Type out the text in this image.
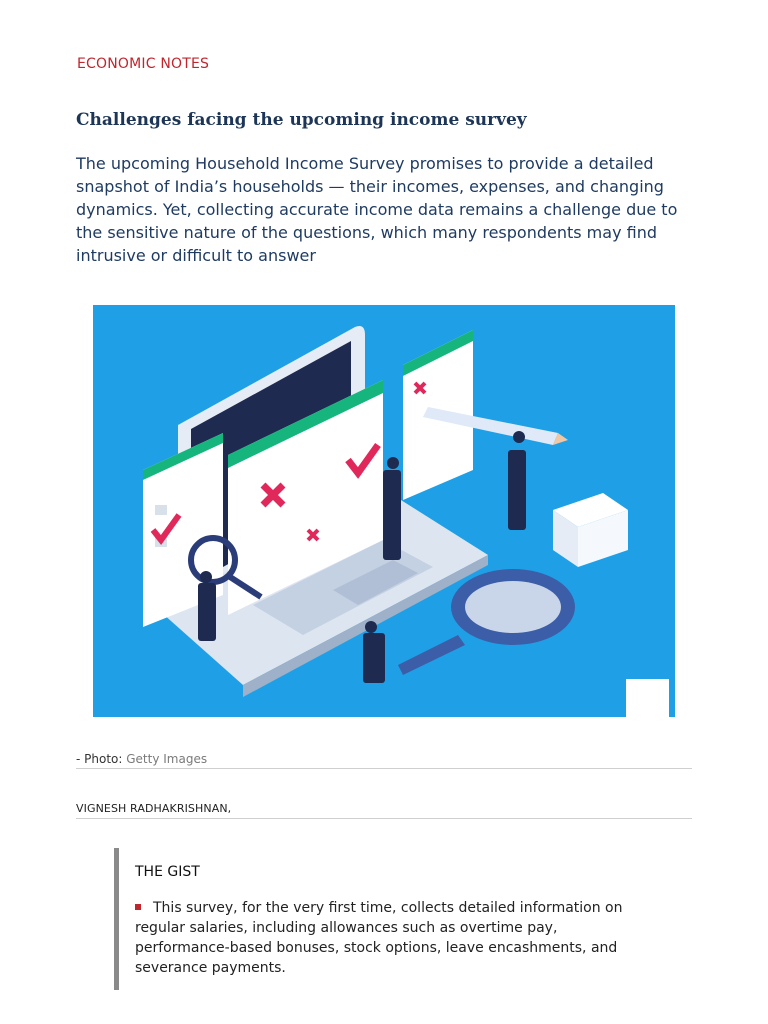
ECONOMIC NOTES
Challenges facing the upcoming income survey

The upcoming Household Income Survey promises to provide a detailed snapshot of India’s households — their incomes, expenses, and changing dynamics. Yet, collecting accurate income data remains a challenge due to the sensitive nature of the questions, which many respondents may find intrusive or difficult to answer

- Photo: Getty Images
VIGNESH RADHAKRISHNAN,
THE GIST
This survey, for the very first time, collects detailed information on regular salaries, including allowances such as overtime pay, performance-based bonuses, stock options, leave encashments, and severance payments.
